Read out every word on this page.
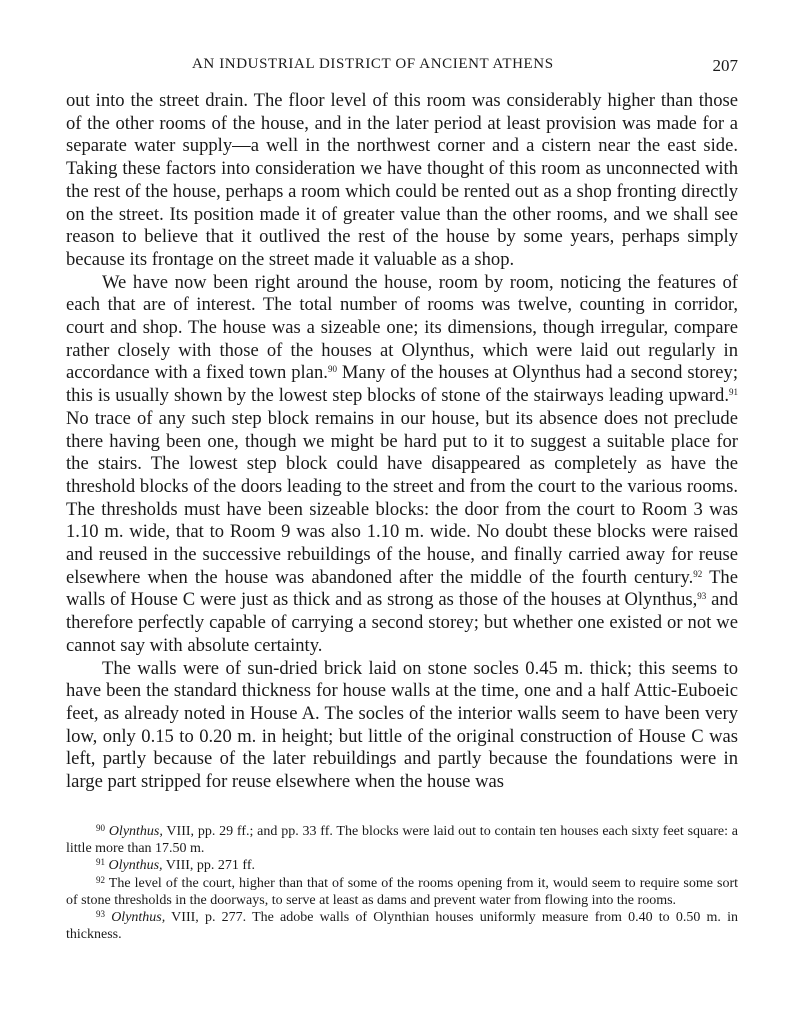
AN INDUSTRIAL DISTRICT OF ANCIENT ATHENS	207

out into the street drain. The floor level of this room was considerably higher than those of the other rooms of the house, and in the later period at least provision was made for a separate water supply—a well in the northwest corner and a cistern near the east side. Taking these factors into consideration we have thought of this room as unconnected with the rest of the house, perhaps a room which could be rented out as a shop fronting directly on the street. Its position made it of greater value than the other rooms, and we shall see reason to believe that it outlived the rest of the house by some years, perhaps simply because its frontage on the street made it valuable as a shop.

We have now been right around the house, room by room, noticing the features of each that are of interest. The total number of rooms was twelve, counting in corridor, court and shop. The house was a sizeable one; its dimensions, though irregular, compare rather closely with those of the houses at Olynthus, which were laid out regularly in accordance with a fixed town plan.$^{90}$ Many of the houses at Olynthus had a second storey; this is usually shown by the lowest step blocks of stone of the stairways leading upward.$^{91}$ No trace of any such step block remains in our house, but its absence does not preclude there having been one, though we might be hard put to it to suggest a suitable place for the stairs. The lowest step block could have disappeared as completely as have the threshold blocks of the doors leading to the street and from the court to the various rooms. The thresholds must have been sizeable blocks: the door from the court to Room 3 was 1.10 m. wide, that to Room 9 was also 1.10 m. wide. No doubt these blocks were raised and reused in the successive rebuildings of the house, and finally carried away for reuse elsewhere when the house was abandoned after the middle of the fourth century.$^{92}$ The walls of House C were just as thick and as strong as those of the houses at Olynthus,$^{93}$ and therefore perfectly capable of carrying a second storey; but whether one existed or not we cannot say with absolute certainty.

The walls were of sun-dried brick laid on stone socles 0.45 m. thick; this seems to have been the standard thickness for house walls at the time, one and a half Attic-Euboeic feet, as already noted in House A. The socles of the interior walls seem to have been very low, only 0.15 to 0.20 m. in height; but little of the original construction of House C was left, partly because of the later rebuildings and partly because the foundations were in large part stripped for reuse elsewhere when the house was

$^{90}$ Olynthus, VIII, pp. 29 ff.; and pp. 33 ff. The blocks were laid out to contain ten houses each sixty feet square: a little more than 17.50 m.

$^{91}$ Olynthus, VIII, pp. 271 ff.

$^{92}$ The level of the court, higher than that of some of the rooms opening from it, would seem to require some sort of stone thresholds in the doorways, to serve at least as dams and prevent water from flowing into the rooms.

$^{93}$ Olynthus, VIII, p. 277. The adobe walls of Olynthian houses uniformly measure from 0.40 to 0.50 m. in thickness.
